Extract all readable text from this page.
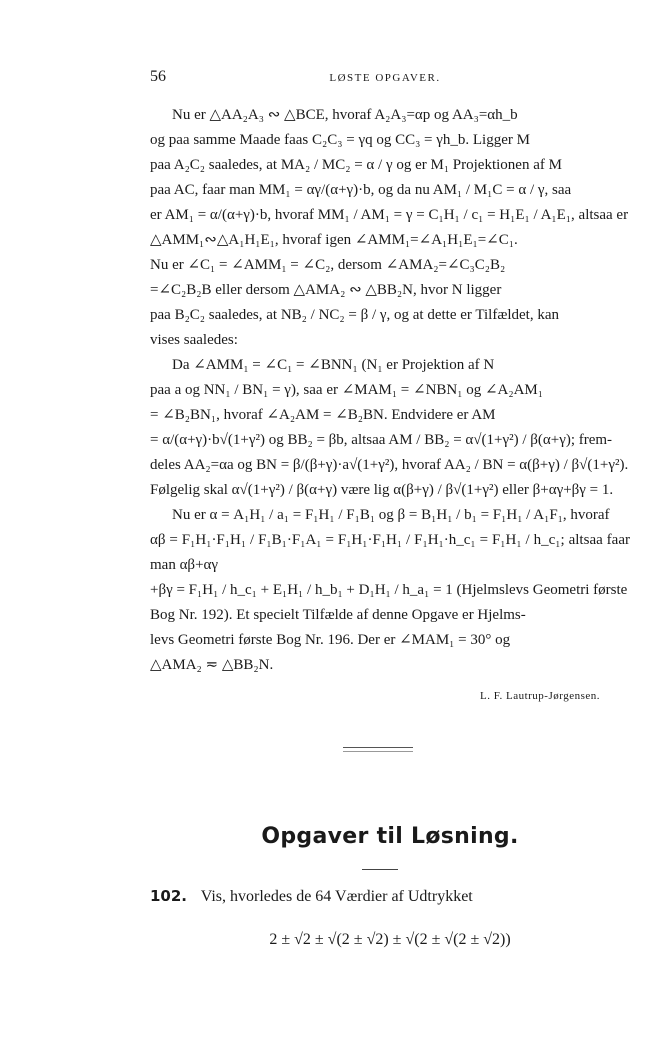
56	LØSTE OPGAVER.

Nu er △AA₂A₃ ∾ △BCE, hvoraf A₂A₃=αp og AA₃=αh_b

og paa samme Maade faas C₂C₃ = γq og CC₃ = γh_b. Ligger M

paa A₂C₂ saaledes, at MA₂ / MC₂ = α / γ og er M₁ Projektionen af M

paa AC, faar man MM₁ = αγ/(α+γ)·b, og da nu AM₁ / M₁C = α / γ, saa

er AM₁ = α/(α+γ)·b, hvoraf MM₁ / AM₁ = γ = C₁H₁ / c₁ = H₁E₁ / A₁E₁, altsaa er

△AMM₁∾△A₁H₁E₁, hvoraf igen ∠AMM₁=∠A₁H₁E₁=∠C₁.

Nu er ∠C₁ = ∠AMM₁ = ∠C₂, dersom ∠AMA₂=∠C₃C₂B₂

=∠C₂B₂B eller dersom △AMA₂ ∾ △BB₂N, hvor N ligger

paa B₂C₂ saaledes, at NB₂ / NC₂ = β / γ, og at dette er Tilfældet, kan

vises saaledes:

Da ∠AMM₁ = ∠C₁ = ∠BNN₁ (N₁ er Projektion af N

paa a og NN₁ / BN₁ = γ), saa er ∠MAM₁ = ∠NBN₁ og ∠A₂AM₁

= ∠B₂BN₁, hvoraf ∠A₂AM = ∠B₂BN. Endvidere er AM

= α/(α+γ)·b√(1+γ²) og BB₂ = βb, altsaa AM / BB₂ = α√(1+γ²) / β(α+γ); frem-

deles AA₂=αa og BN = β/(β+γ)·a√(1+γ²), hvoraf AA₂ / BN = α(β+γ) / β√(1+γ²).

Følgelig skal α√(1+γ²) / β(α+γ) være lig α(β+γ) / β√(1+γ²) eller β+αγ+βγ = 1.

Nu er α = A₁H₁ / a₁ = F₁H₁ / F₁B₁ og β = B₁H₁ / b₁ = F₁H₁ / A₁F₁, hvoraf

αβ = F₁H₁·F₁H₁ / F₁B₁·F₁A₁ = F₁H₁·F₁H₁ / F₁H₁·h_c₁ = F₁H₁ / h_c₁; altsaa faar man αβ+αγ

+βγ = F₁H₁ / h_c₁ + E₁H₁ / h_b₁ + D₁H₁ / h_a₁ = 1 (Hjelmslevs Geometri første

Bog Nr. 192). Et specielt Tilfælde af denne Opgave er Hjelms-

levs Geometri første Bog Nr. 196. Der er ∠MAM₁ = 30° og

△AMA₂ ≂ △BB₂N.

L. F. Lautrup-Jørgensen.
Opgaver til Løsning.
102. Vis, hvorledes de 64 Værdier af Udtrykket
2 ± √2 ± √(2 ± √2) ± √(2 ± √(2 ± √2))
